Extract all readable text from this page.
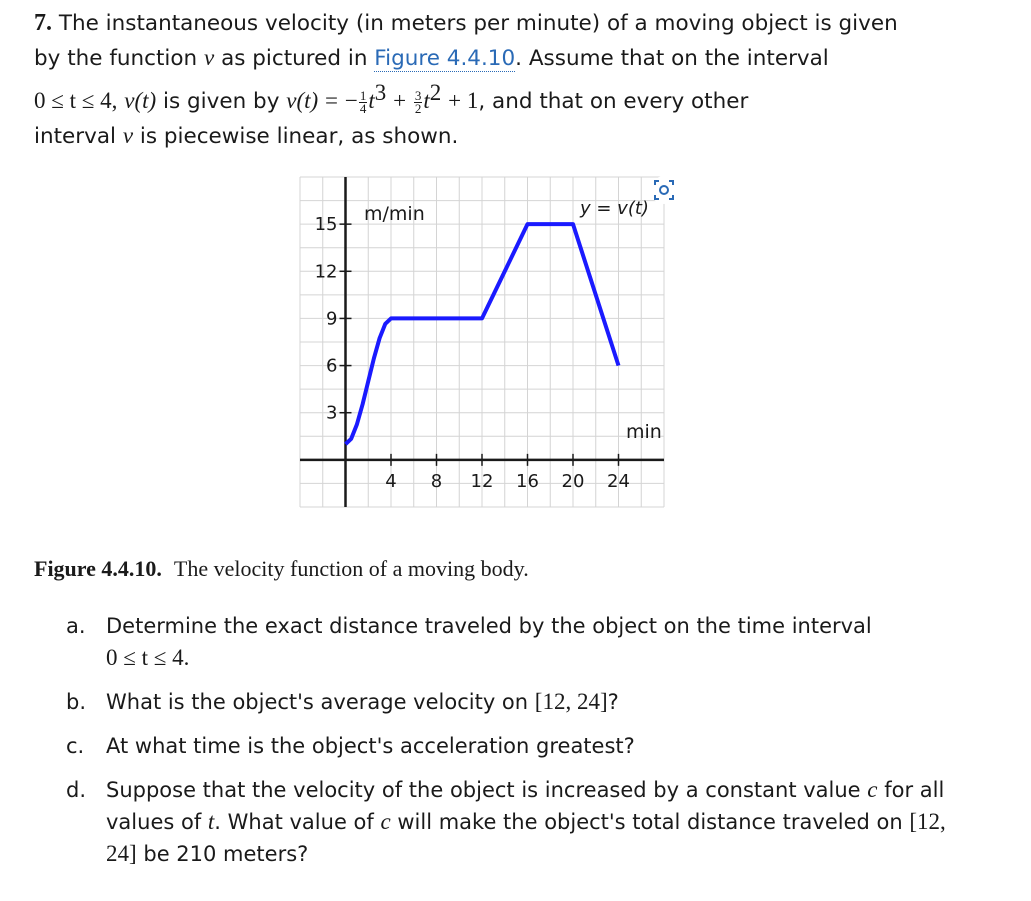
7. The instantaneous velocity (in meters per minute) of a moving object is given
by the function v as pictured in Figure 4.4.10. Assume that on the interval
0 ≤ t ≤ 4, v(t) is given by v(t) = − $\frac{1}{4} t^3 + \frac{3}{2} t^2 + 1$, and that on every other
interval v is piecewise linear, as shown.
4 8 12 16 20 24
3
6
9
12
15 m/min
min
y = v(t)
Figure 4.4.10. The velocity function of a moving body.
a. Determine the exact distance traveled by the object on the time interval
0 ≤ t ≤ 4.
b. What is the object's average velocity on [12, 24]?
c.	At what time is the object's acceleration greatest?
d. Suppose that the velocity of the object is increased by a constant value c for all values of t. What value of c will make the object's total distance traveled on [12, 24] be 210 meters?
